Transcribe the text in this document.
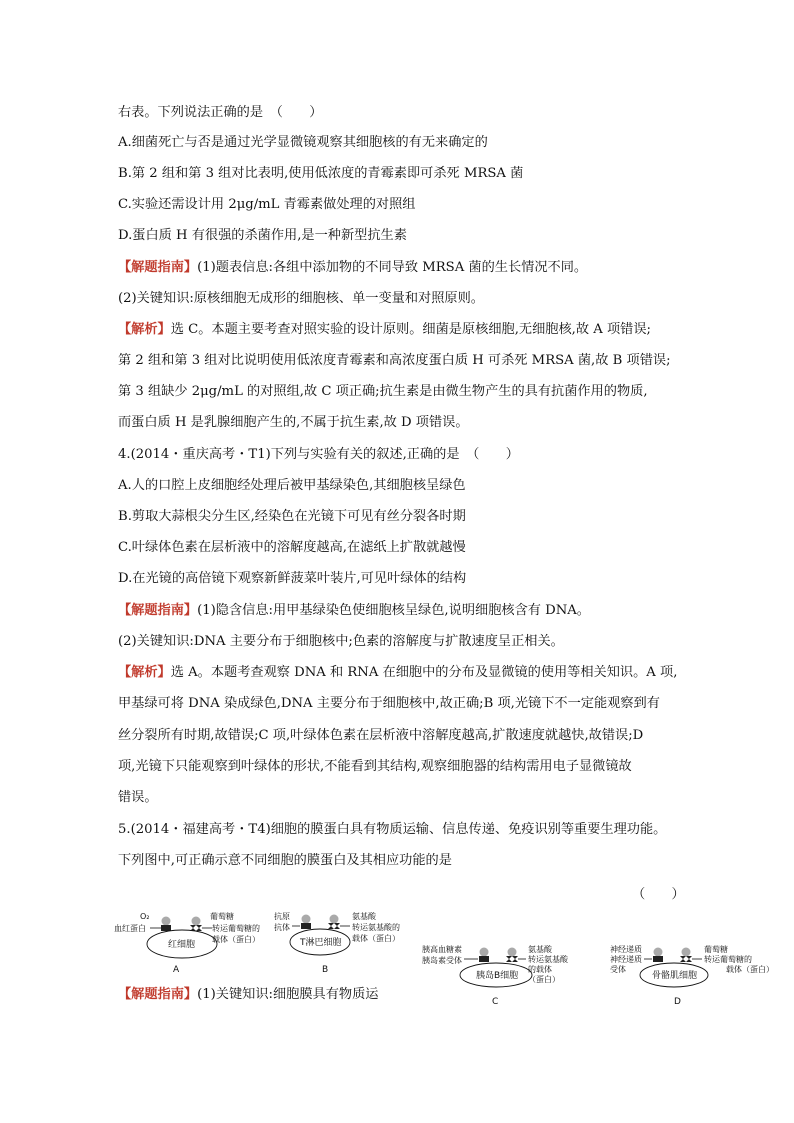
右表。下列说法正确的是　（　　）
A.细菌死亡与否是通过光学显微镜观察其细胞核的有无来确定的
B.第 2 组和第 3 组对比表明,使用低浓度的青霉素即可杀死 MRSA 菌
C.实验还需设计用 2μg/mL 青霉素做处理的对照组
D.蛋白质 H 有很强的杀菌作用,是一种新型抗生素
【解题指南】(1)题表信息:各组中添加物的不同导致 MRSA 菌的生长情况不同。
(2)关键知识:原核细胞无成形的细胞核、单一变量和对照原则。
【解析】选 C。本题主要考查对照实验的设计原则。细菌是原核细胞,无细胞核,故 A 项错误;
第 2 组和第 3 组对比说明使用低浓度青霉素和高浓度蛋白质 H 可杀死 MRSA 菌,故 B 项错误;
第 3 组缺少 2μg/mL 的对照组,故 C 项正确;抗生素是由微生物产生的具有抗菌作用的物质,
而蛋白质 H 是乳腺细胞产生的,不属于抗生素,故 D 项错误。
4.(2014・重庆高考・T1)下列与实验有关的叙述,正确的是　（　　）
A.人的口腔上皮细胞经处理后被甲基绿染色,其细胞核呈绿色
B.剪取大蒜根尖分生区,经染色在光镜下可见有丝分裂各时期
C.叶绿体色素在层析液中的溶解度越高,在滤纸上扩散就越慢
D.在光镜的高倍镜下观察新鲜菠菜叶装片,可见叶绿体的结构
【解题指南】(1)隐含信息:用甲基绿染色使细胞核呈绿色,说明细胞核含有 DNA。
(2)关键知识:DNA 主要分布于细胞核中;色素的溶解度与扩散速度呈正相关。
【解析】选 A。本题考查观察 DNA 和 RNA 在细胞中的分布及显微镜的使用等相关知识。A 项,
甲基绿可将 DNA 染成绿色,DNA 主要分布于细胞核中,故正确;B 项,光镜下不一定能观察到有
丝分裂所有时期,故错误;C 项,叶绿体色素在层析液中溶解度越高,扩散速度就越快,故错误;D
项,光镜下只能观察到叶绿体的形状,不能看到其结构,观察细胞器的结构需用电子显微镜故
错误。
5.(2014・福建高考・T4)细胞的膜蛋白具有物质运输、信息传递、免疫识别等重要生理功能。
下列图中,可正确示意不同细胞的膜蛋白及其相应功能的是
（　　）
O₂
血红蛋白
葡萄糖
转运葡萄糖的
载体（蛋白）
红细胞
A
抗原
抗体
氨基酸
转运氨基酸的
载体（蛋白）
T淋巴细胞
B
胰高血糖素
胰岛素受体
氨基酸
转运氨基酸
的载体
（蛋白）
胰岛B细胞
C
神经递质
神经递质
受体
葡萄糖
转运葡萄糖的
载体（蛋白）
骨骼肌细胞
D
【解题指南】(1)关键知识:细胞膜具有物质运
